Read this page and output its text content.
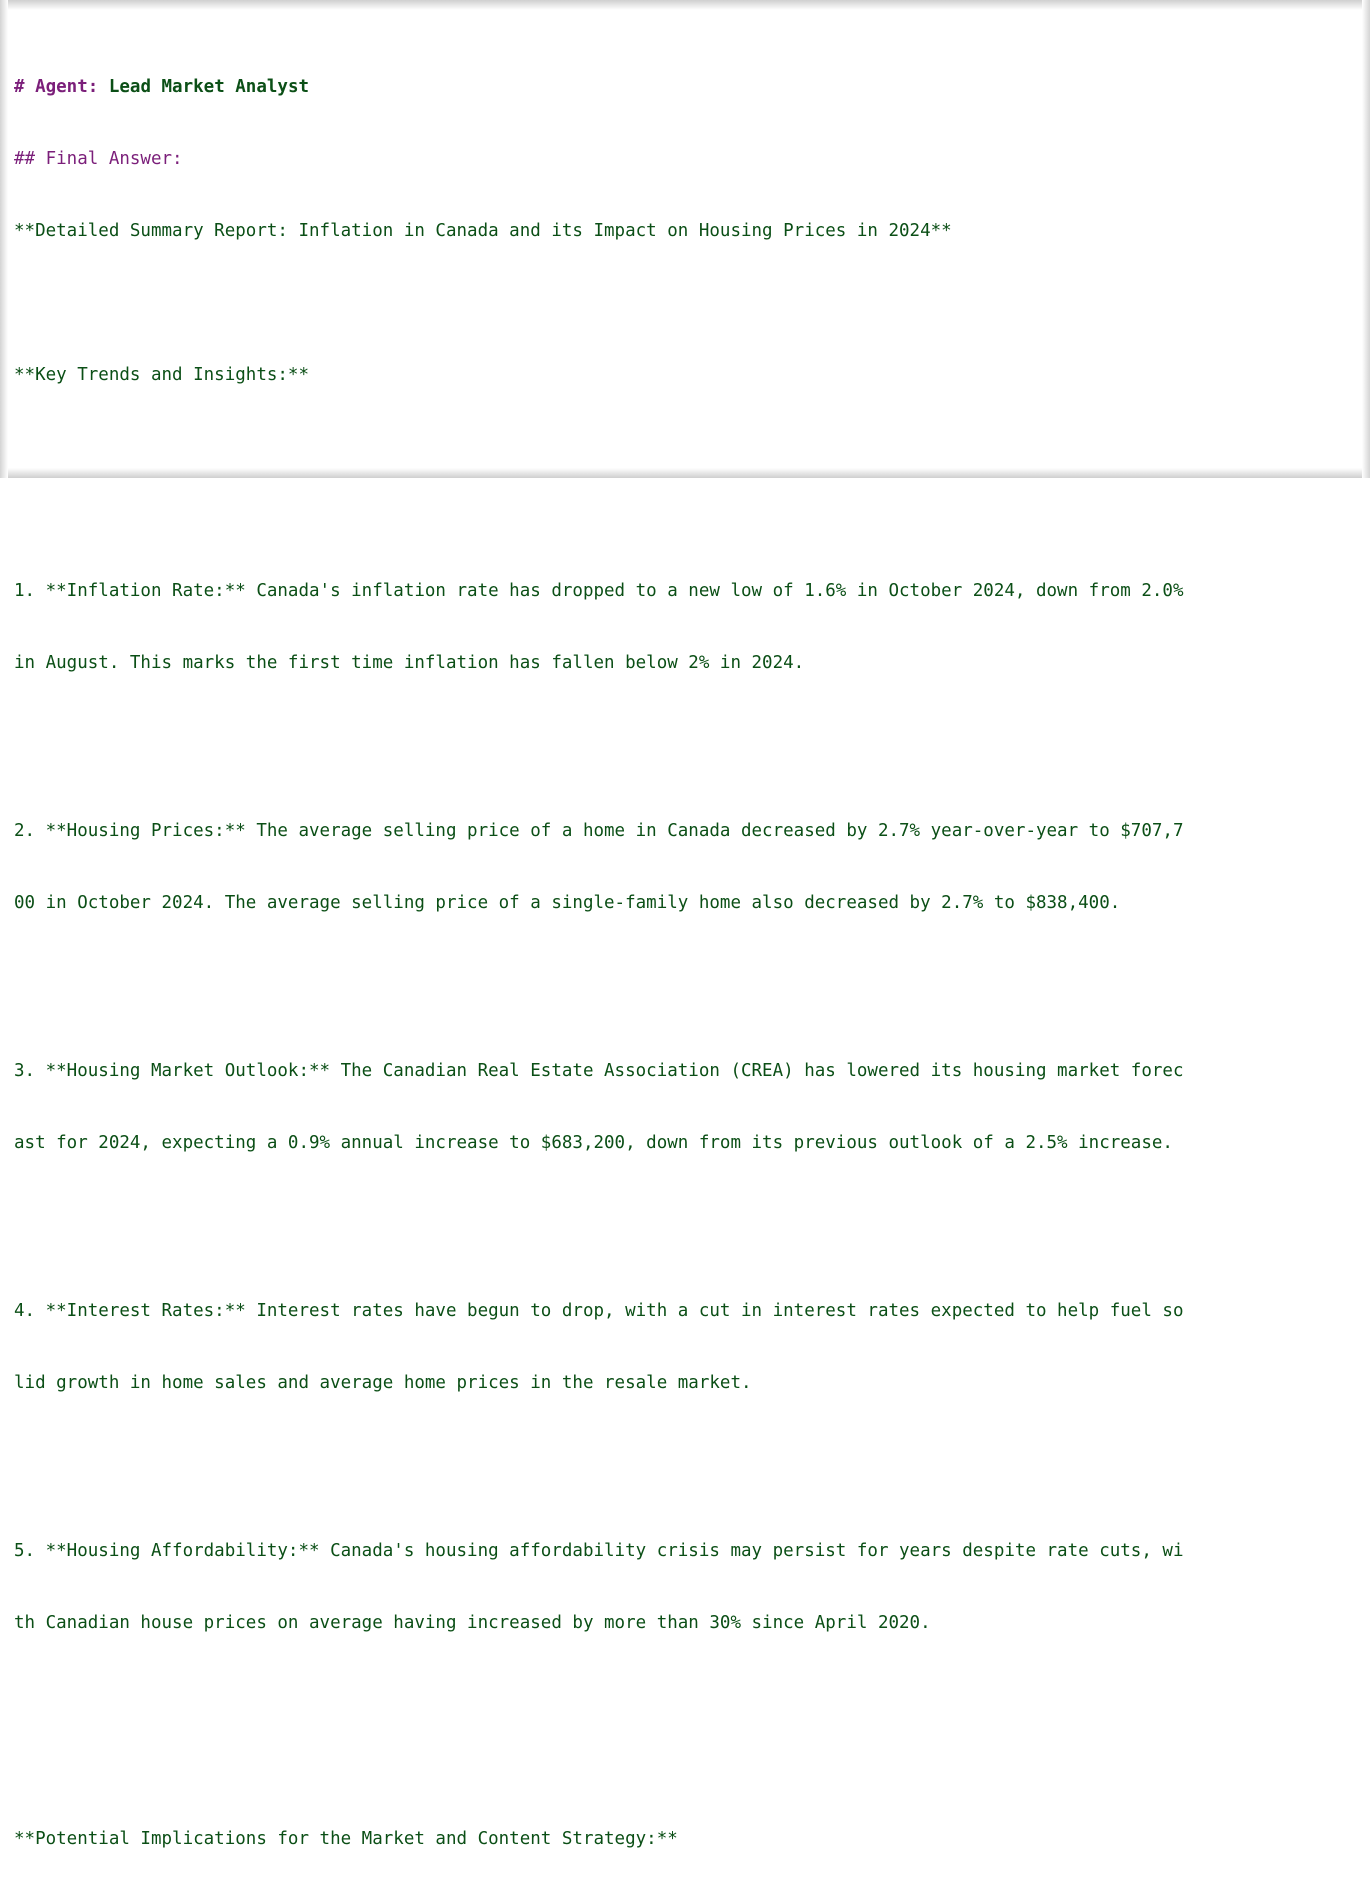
# Agent: Lead Market Analyst

## Final Answer:

**Detailed Summary Report: Inflation in Canada and its Impact on Housing Prices in 2024**

**Key Trends and Insights:**

1. **Inflation Rate:** Canada's inflation rate has dropped to a new low of 1.6% in October 2024, down from 2.0%

in August. This marks the first time inflation has fallen below 2% in 2024.

2. **Housing Prices:** The average selling price of a home in Canada decreased by 2.7% year-over-year to $707,7

00 in October 2024. The average selling price of a single-family home also decreased by 2.7% to $838,400.

3. **Housing Market Outlook:** The Canadian Real Estate Association (CREA) has lowered its housing market forec

ast for 2024, expecting a 0.9% annual increase to $683,200, down from its previous outlook of a 2.5% increase.

4. **Interest Rates:** Interest rates have begun to drop, with a cut in interest rates expected to help fuel so

lid growth in home sales and average home prices in the resale market.

5. **Housing Affordability:** Canada's housing affordability crisis may persist for years despite rate cuts, wi

th Canadian house prices on average having increased by more than 30% since April 2020.

**Potential Implications for the Market and Content Strategy:**
